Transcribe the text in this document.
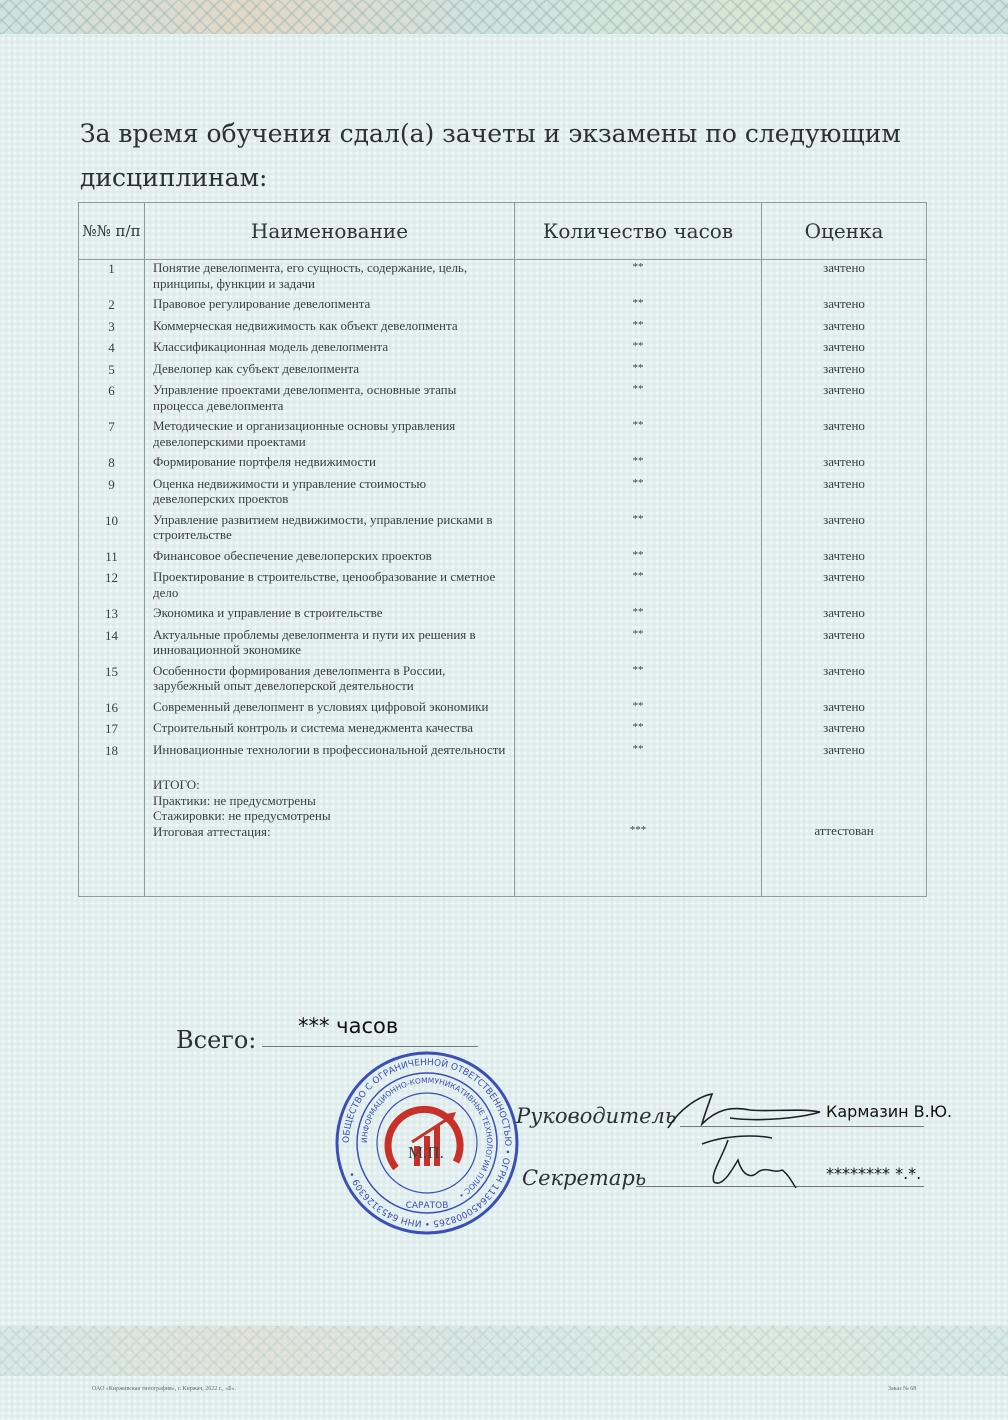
За время обучения сдал(а) зачеты и экзамены по следующим дисциплинам:
№№ п/п	Наименование	Количество часов	Оценка
1	Понятие девелопмента, его сущность, содержание, цель, принципы, функции и задачи	**	зачтено
2	Правовое регулирование девелопмента	**	зачтено
3	Коммерческая недвижимость как объект девелопмента	**	зачтено
4	Классификационная модель девелопмента	**	зачтено
5	Девелопер как субъект девелопмента	**	зачтено
6	Управление проектами девелопмента, основные этапы процесса девелопмента	**	зачтено
7	Методические и организационные основы управления девелоперскими проектами	**	зачтено
8	Формирование портфеля недвижимости	**	зачтено
9	Оценка недвижимости и управление стоимостью девелоперских проектов	**	зачтено
10	Управление развитием недвижимости, управление рисками в строительстве	**	зачтено
11	Финансовое обеспечение девелоперских проектов	**	зачтено
12	Проектирование в строительстве, ценообразование и сметное дело	**	зачтено
13	Экономика и управление в строительстве	**	зачтено
14	Актуальные проблемы девелопмента и пути их решения в инновационной экономике	**	зачтено
15	Особенности формирования девелопмента в России, зарубежный опыт девелоперской деятельности	**	зачтено
16	Современный девелопмент в условиях цифровой экономики	**	зачтено
17	Строительный контроль и система менеджмента качества	**	зачтено
18	Инновационные технологии в профессиональной деятельности	**	зачтено

	ИТОГО:
Практики: не предусмотрены
Стажировки: не предусмотрены
Итоговая аттестация:	***	аттестован
Всего: *** часов
ОБЩЕСТВО С ОГРАНИЧЕННОЙ ОТВЕТСТВЕННОСТЬЮ • ОГРН 1136450008265 • ИНН 6453126309 •
ИНФОРМАЦИОННО-КОММУНИКАТИВНЫЕ ТЕХНОЛОГИИ ПЛЮС •
САРАТОВ
М.П.
Руководитель	Кармазин В.Ю.
Секретарь	******** *.*.
ОАО «Кирживская типография», г. Киржач, 2022 г., «Б».	Заказ № 68
